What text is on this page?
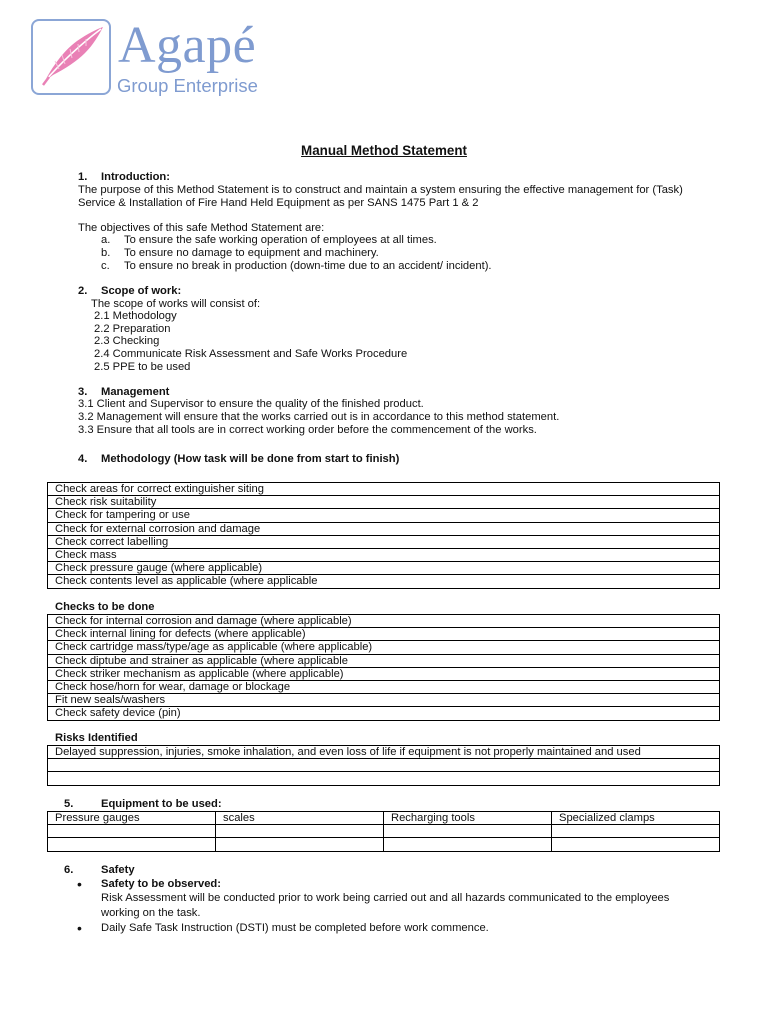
Agapé
Group Enterprise
Manual Method Statement
1. Introduction:
The purpose of this Method Statement is to construct and maintain a system ensuring the effective management for (Task)
Service & Installation of Fire Hand Held Equipment as per SANS 1475 Part 1 & 2
The objectives of this safe Method Statement are:
a. To ensure the safe working operation of employees at all times.
b. To ensure no damage to equipment and machinery.
c. To ensure no break in production (down-time due to an accident/ incident).
2. Scope of work:
The scope of works will consist of:
2.1 Methodology
2.2 Preparation
2.3 Checking
2.4 Communicate Risk Assessment and Safe Works Procedure
2.5 PPE to be used
3. Management
3.1 Client and Supervisor to ensure the quality of the finished product.
3.2 Management will ensure that the works carried out is in accordance to this method statement.
3.3 Ensure that all tools are in correct working order before the commencement of the works.
4. Methodology (How task will be done from start to finish)
Check areas for correct extinguisher siting
Check risk suitability
Check for tampering or use
Check for external corrosion and damage
Check correct labelling
Check mass
Check pressure gauge (where applicable)
Check contents level as applicable (where applicable
Checks to be done
Check for internal corrosion and damage (where applicable)
Check internal lining for defects (where applicable)
Check cartridge mass/type/age as applicable (where applicable)
Check diptube and strainer as applicable (where applicable
Check striker mechanism as applicable (where applicable)
Check hose/horn for wear, damage or blockage
Fit new seals/washers
Check safety device (pin)
Risks Identified
Delayed suppression, injuries, smoke inhalation, and even loss of life if equipment is not properly maintained and used

5. Equipment to be used:
Pressure gauges	scales	Recharging tools	Specialized clamps

6. Safety
• Safety to be observed:
Risk Assessment will be conducted prior to work being carried out and all hazards communicated to the employees
working on the task.
• Daily Safe Task Instruction (DSTI) must be completed before work commence.
